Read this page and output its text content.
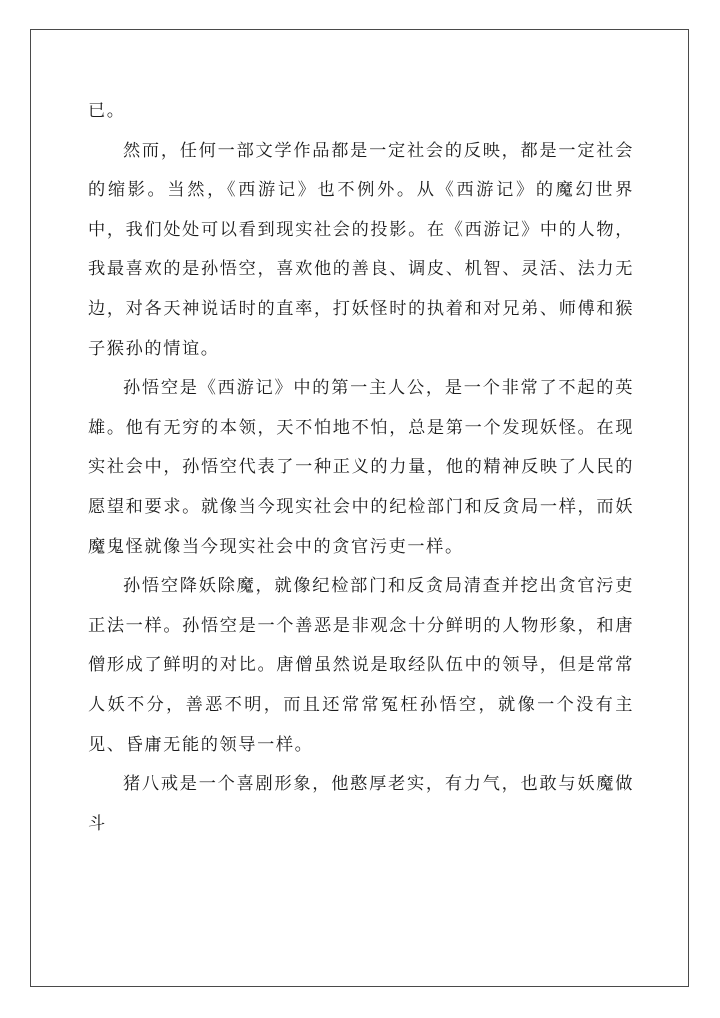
已。

然而，任何一部文学作品都是一定社会的反映，都是一定社会的缩影。当然，《西游记》也不例外。从《西游记》的魔幻世界中，我们处处可以看到现实社会的投影。在《西游记》中的人物，我最喜欢的是孙悟空，喜欢他的善良、调皮、机智、灵活、法力无边，对各天神说话时的直率，打妖怪时的执着和对兄弟、师傅和猴子猴孙的情谊。

孙悟空是《西游记》中的第一主人公，是一个非常了不起的英雄。他有无穷的本领，天不怕地不怕，总是第一个发现妖怪。在现实社会中，孙悟空代表了一种正义的力量，他的精神反映了人民的愿望和要求。就像当今现实社会中的纪检部门和反贪局一样，而妖魔鬼怪就像当今现实社会中的贪官污吏一样。

孙悟空降妖除魔，就像纪检部门和反贪局清查并挖出贪官污吏正法一样。孙悟空是一个善恶是非观念十分鲜明的人物形象，和唐僧形成了鲜明的对比。唐僧虽然说是取经队伍中的领导，但是常常人妖不分，善恶不明，而且还常常冤枉孙悟空，就像一个没有主见、昏庸无能的领导一样。

猪八戒是一个喜剧形象，他憨厚老实，有力气，也敢与妖魔做斗
